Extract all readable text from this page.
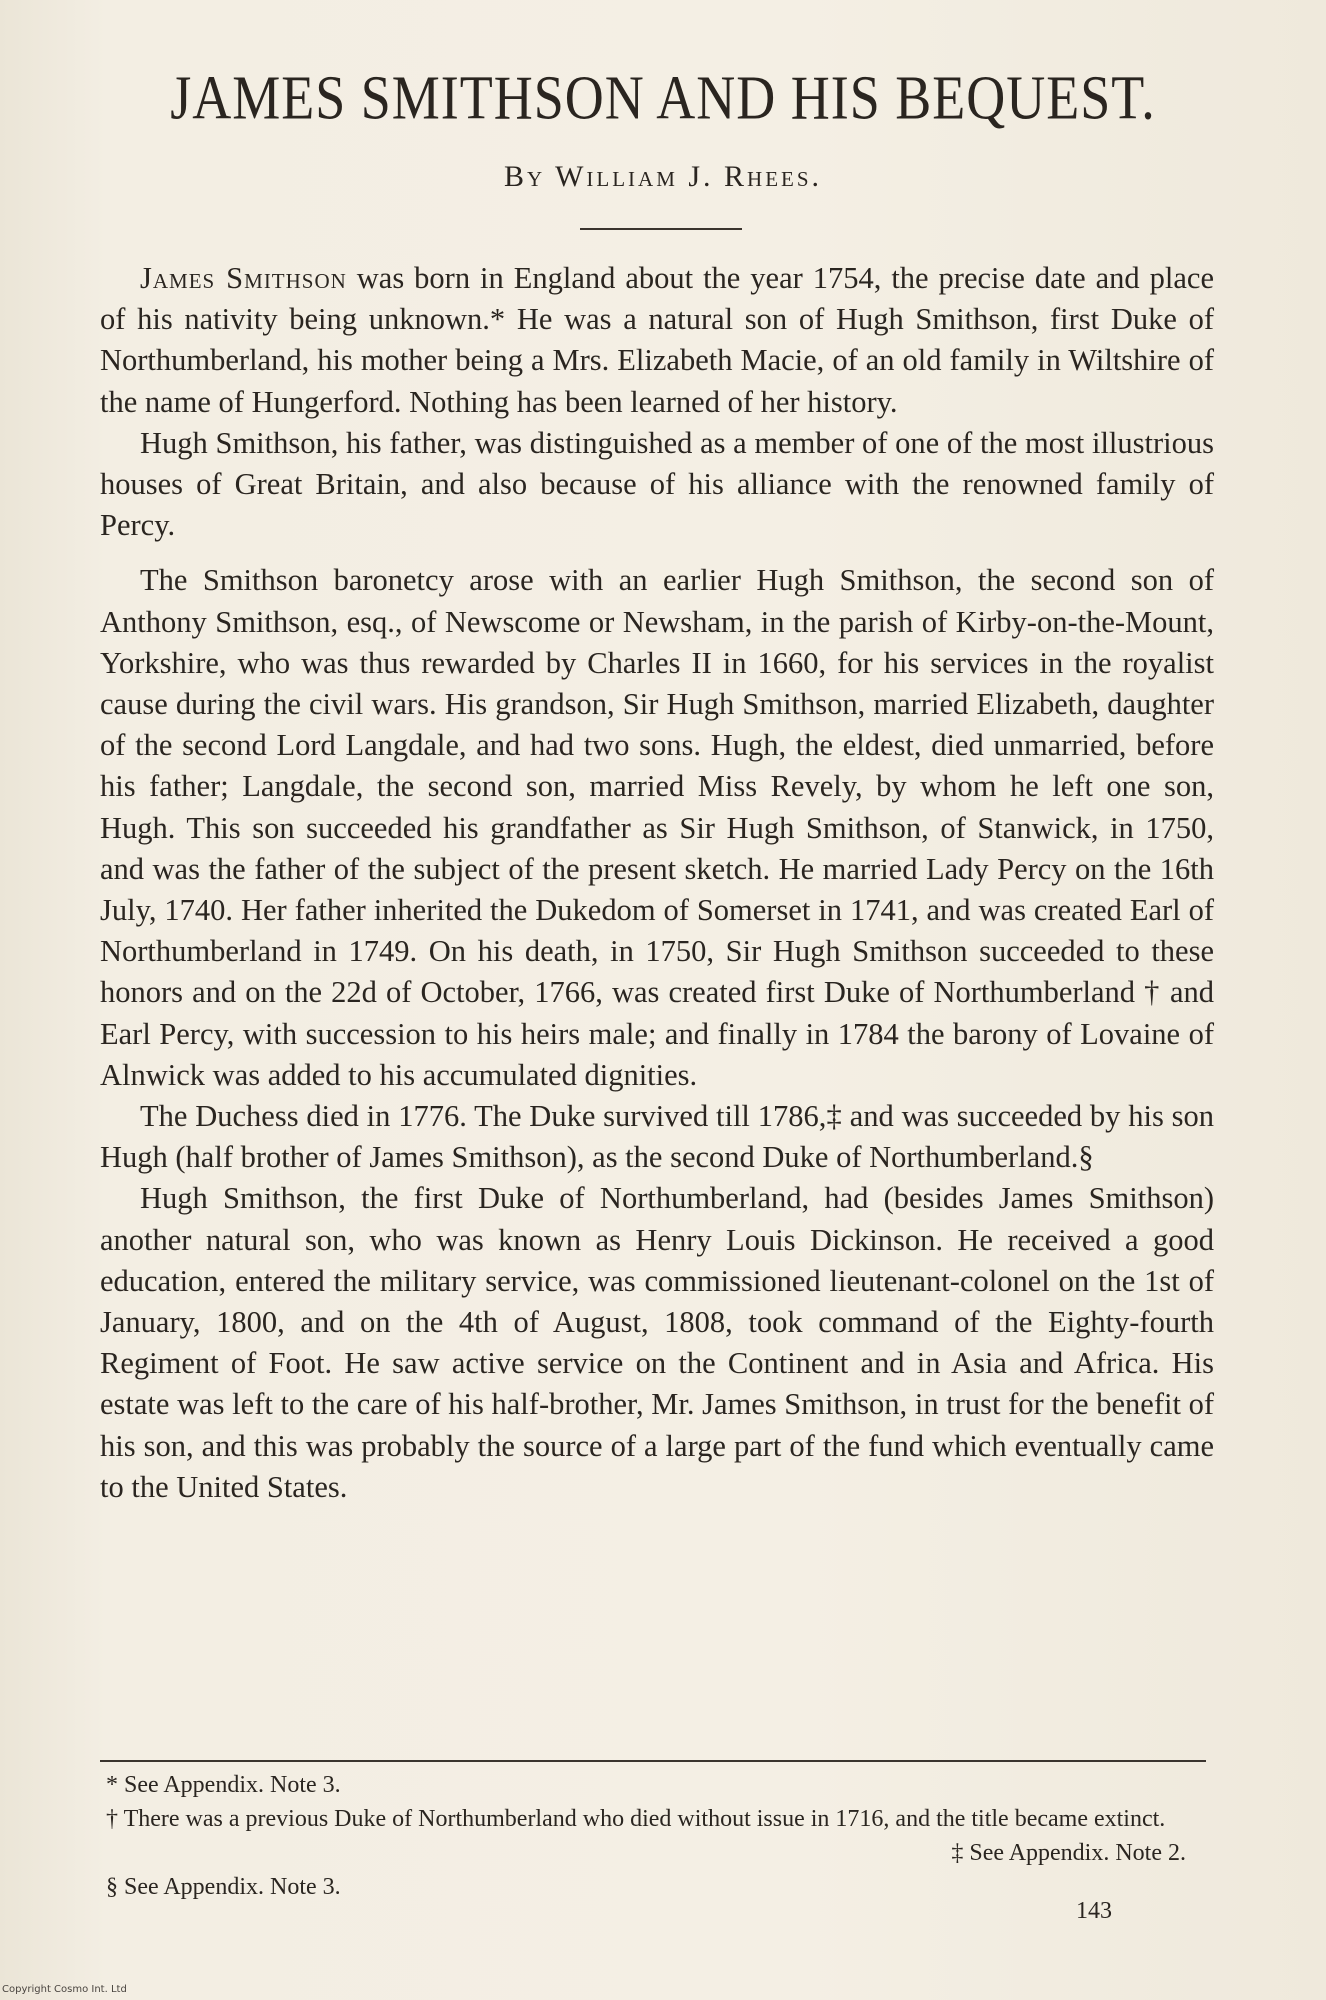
JAMES SMITHSON AND HIS BEQUEST.

By William J. Rhees.

James Smithson was born in England about the year 1754, the precise date and place of his nativity being unknown.* He was a natural son of Hugh Smithson, first Duke of Northumberland, his mother being a Mrs. Elizabeth Macie, of an old family in Wiltshire of the name of Hungerford. Nothing has been learned of her history.

Hugh Smithson, his father, was distinguished as a member of one of the most illustrious houses of Great Britain, and also because of his alliance with the renowned family of Percy.

The Smithson baronetcy arose with an earlier Hugh Smithson, the second son of Anthony Smithson, esq., of Newscome or Newsham, in the parish of Kirby-on-the-Mount, Yorkshire, who was thus rewarded by Charles II in 1660, for his services in the royalist cause during the civil wars. His grandson, Sir Hugh Smithson, married Elizabeth, daughter of the second Lord Langdale, and had two sons. Hugh, the eldest, died unmarried, before his father; Langdale, the second son, married Miss Revely, by whom he left one son, Hugh. This son succeeded his grandfather as Sir Hugh Smithson, of Stanwick, in 1750, and was the father of the subject of the present sketch. He married Lady Percy on the 16th July, 1740. Her father inherited the Dukedom of Somerset in 1741, and was created Earl of Northumberland in 1749. On his death, in 1750, Sir Hugh Smithson succeeded to these honors and on the 22d of October, 1766, was created first Duke of Northumberland † and Earl Percy, with succession to his heirs male; and finally in 1784 the barony of Lovaine of Alnwick was added to his accumulated dignities.

The Duchess died in 1776. The Duke survived till 1786,‡ and was succeeded by his son Hugh (half brother of James Smithson), as the second Duke of Northumberland.§

Hugh Smithson, the first Duke of Northumberland, had (besides James Smithson) another natural son, who was known as Henry Louis Dickinson. He received a good education, entered the military service, was commissioned lieutenant-colonel on the 1st of January, 1800, and on the 4th of August, 1808, took command of the Eighty-fourth Regiment of Foot. He saw active service on the Continent and in Asia and Africa. His estate was left to the care of his half-brother, Mr. James Smithson, in trust for the benefit of his son, and this was probably the source of a large part of the fund which eventually came to the United States.

* See Appendix. Note 3.

† There was a previous Duke of Northumberland who died without issue in 1716, and the title became extinct.

‡ See Appendix. Note 2.

§ See Appendix. Note 3.

143
Copyright Cosmo Int. Ltd
